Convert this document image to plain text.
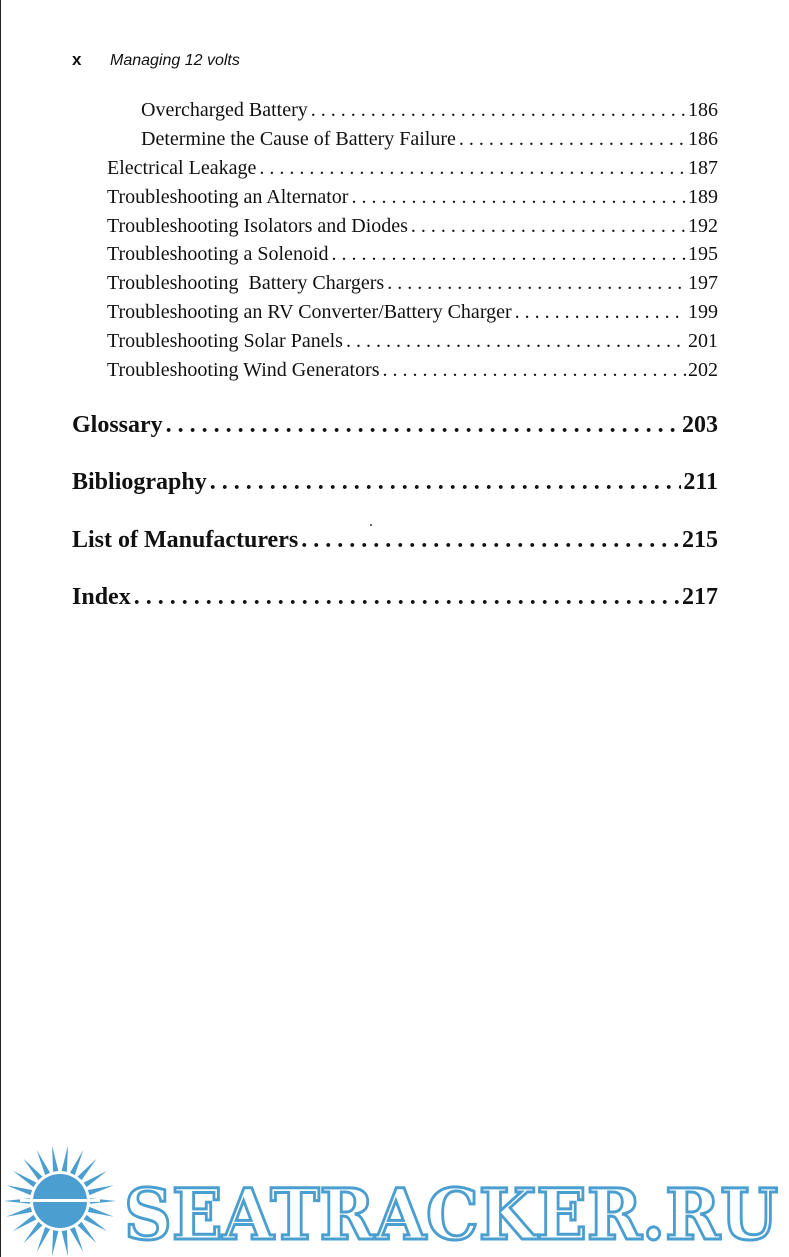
x	Managing 12 volts
Overcharged Battery . . .	186
Determine the Cause of Battery Failure . . .	186
Electrical Leakage . . .	187
Troubleshooting an Alternator . . .	189
Troubleshooting Isolators and Diodes . . .	192
Troubleshooting a Solenoid . . .	195
Troubleshooting  Battery Chargers . . .	197
Troubleshooting an RV Converter/Battery Charger . . .	199
Troubleshooting Solar Panels . . .	201
Troubleshooting Wind Generators . . .	202
Glossary . . .	203
Bibliography . . .	211
List of Manufacturers . . .	215
Index . . .	217
SEATRACKER.RU
